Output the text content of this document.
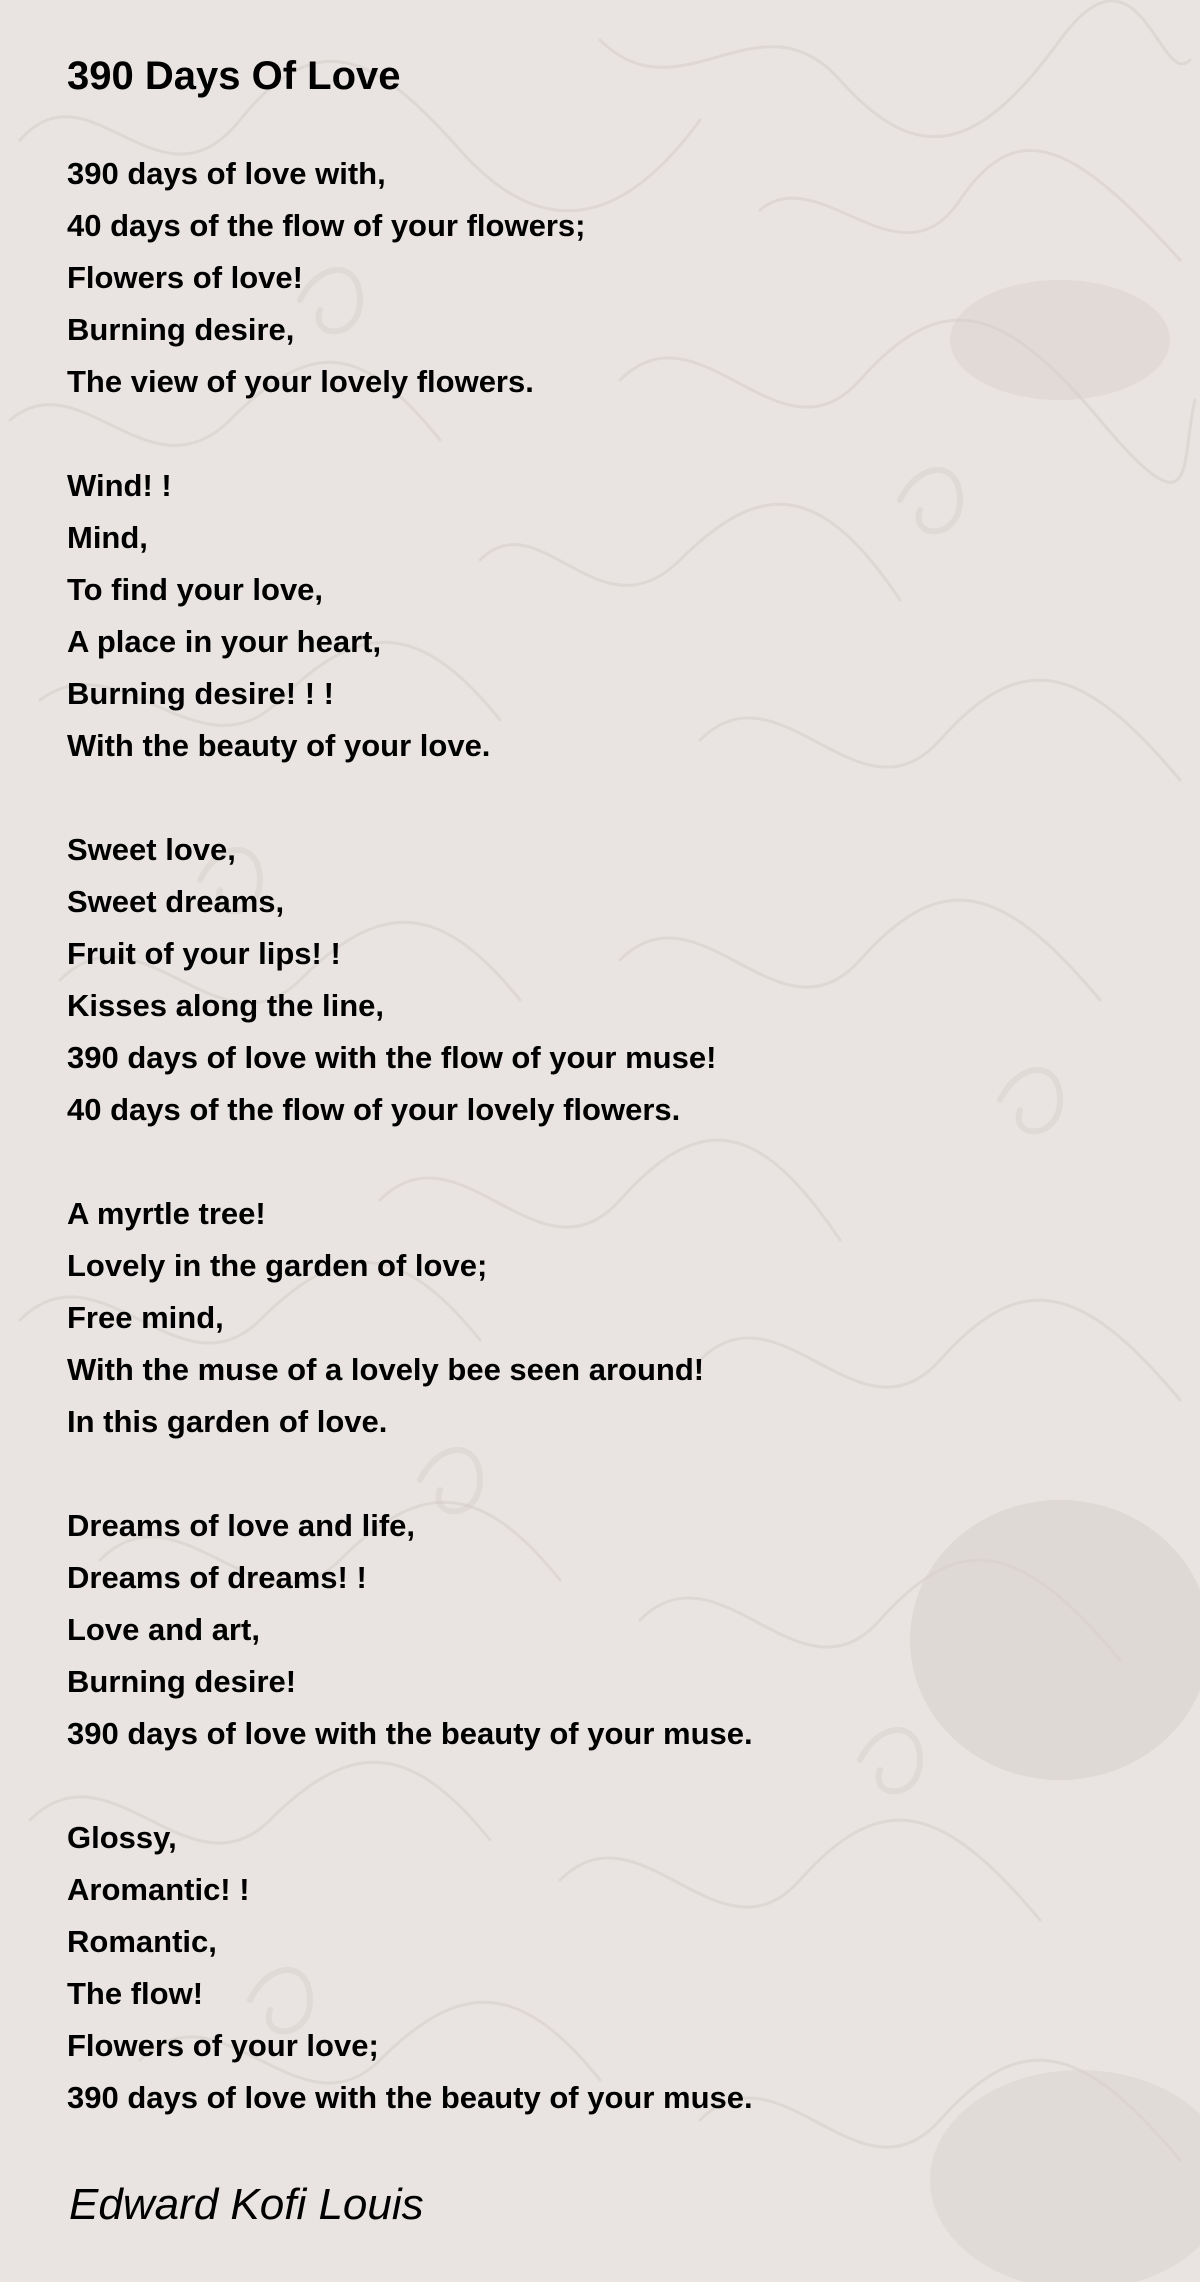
390 Days Of Love
390 days of love with,
40 days of the flow of your flowers;
Flowers of love!
Burning desire,
The view of your lovely flowers.
Wind! !
Mind,
To find your love,
A place in your heart,
Burning desire! ! !
With the beauty of your love.
Sweet love,
Sweet dreams,
Fruit of your lips! !
Kisses along the line,
390 days of love with the flow of your muse!
40 days of the flow of your lovely flowers.
A myrtle tree!
Lovely in the garden of love;
Free mind,
With the muse of a lovely bee seen around!
In this garden of love.
Dreams of love and life,
Dreams of dreams! !
Love and art,
Burning desire!
390 days of love with the beauty of your muse.
Glossy,
Aromantic! !
Romantic,
The flow!
Flowers of your love;
390 days of love with the beauty of your muse.

Edward Kofi Louis
